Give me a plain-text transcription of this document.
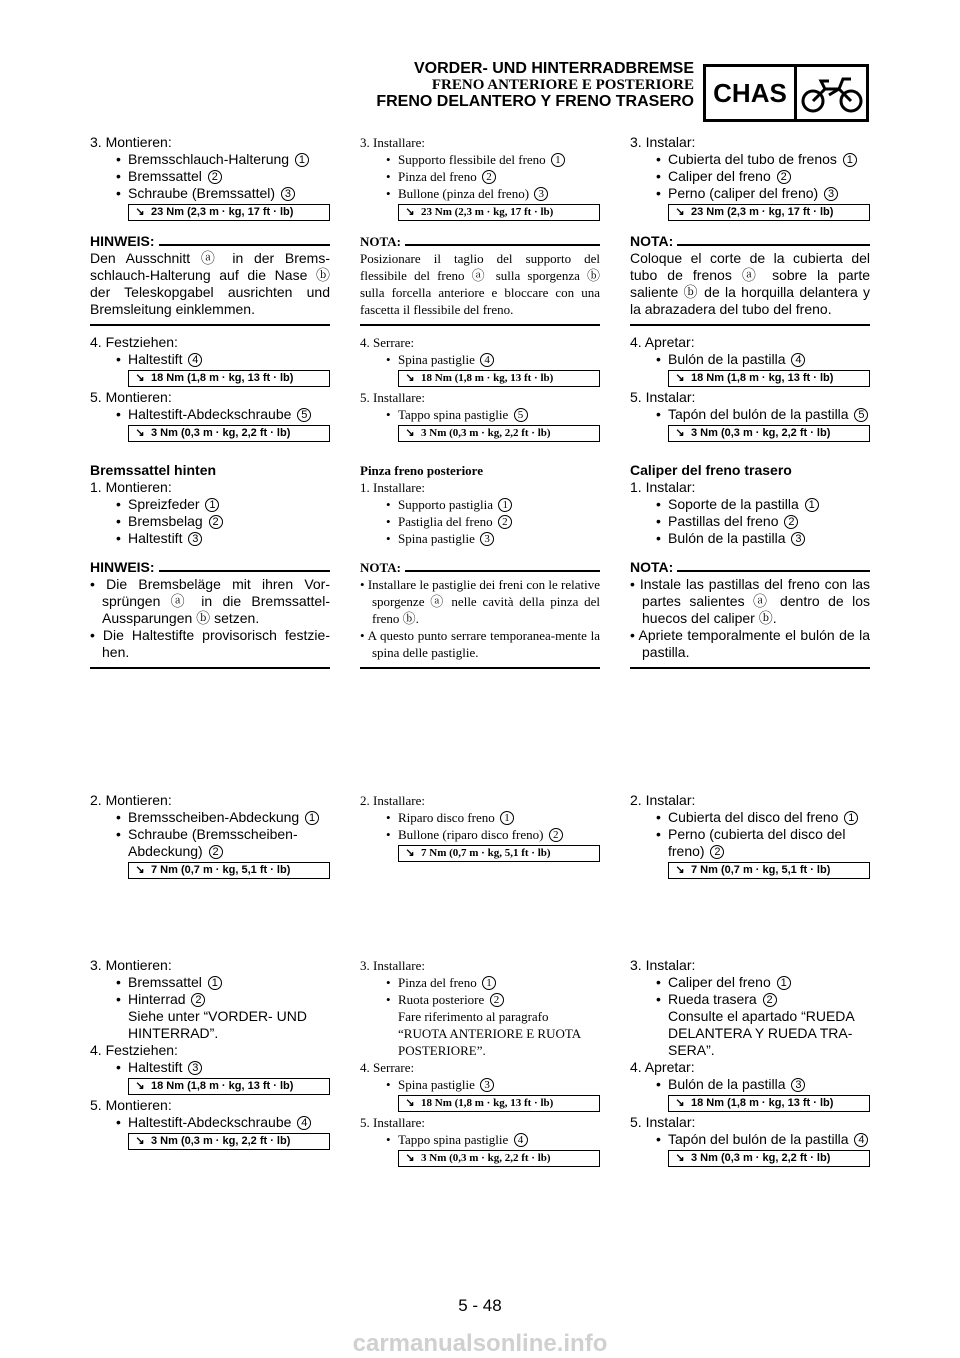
VORDER- UND HINTERRADBREMSE
FRENO ANTERIORE E POSTERIORE
FRENO DELANTERO Y FRENO TRASERO CHAS

3. Montieren:

• Bremsschlauch-Halterung 1

• Bremssattel 2

• Schraube (Bremssattel) 3

↘ 23 Nm (2,3 m · kg, 17 ft · lb)
HINWEIS:

Den Ausschnitt ⓐ in der Brems-schlauch-Halterung auf die Nase ⓑ der Teleskopgabel ausrichten und Bremsleitung einklemmen.

4. Festziehen:

• Haltestift 4

↘ 18 Nm (1,8 m · kg, 13 ft · lb)

5. Montieren:

• Haltestift-Abdeckschraube 5

↘ 3 Nm (0,3 m · kg, 2,2 ft · lb)

Bremssattel hinten

1. Montieren:

• Spreizfeder 1

• Bremsbelag 2

• Haltestift 3

HINWEIS:

• Die Bremsbeläge mit ihren Vor-sprüngen ⓐ in die Bremssattel-Aussparungen ⓑ setzen.

• Die Haltestifte provisorisch festzie-hen.

2. Montieren:

• Bremsscheiben-Abdeckung 1

• Schraube (Bremsscheiben-Abdeckung) 2

↘ 7 Nm (0,7 m · kg, 5,1 ft · lb)

3. Montieren:

• Bremssattel 1

• Hinterrad 2

Siehe unter “VORDER- UND HINTERRAD”.

4. Festziehen:

• Haltestift 3

↘ 18 Nm (1,8 m · kg, 13 ft · lb)

5. Montieren:

• Haltestift-Abdeckschraube 4

↘ 3 Nm (0,3 m · kg, 2,2 ft · lb)

3. Installare:

• Supporto flessibile del freno 1

• Pinza del freno 2

• Bullone (pinza del freno) 3

↘ 23 Nm (2,3 m · kg, 17 ft · lb)
NOTA:

Posizionare il taglio del supporto del flessibile del freno ⓐ sulla sporgenza ⓑ sulla forcella anteriore e bloccare con una fascetta il flessibile del freno.

4. Serrare:

• Spina pastiglie 4

↘ 18 Nm (1,8 m · kg, 13 ft · lb)

5. Installare:

• Tappo spina pastiglie 5

↘ 3 Nm (0,3 m · kg, 2,2 ft · lb)

Pinza freno posteriore

1. Installare:

• Supporto pastiglia 1

• Pastiglia del freno 2

• Spina pastiglie 3

NOTA:

• Installare le pastiglie dei freni con le relative sporgenze ⓐ nelle cavità della pinza del freno ⓑ.

• A questo punto serrare temporanea-mente la spina delle pastiglie.

2. Installare:

• Riparo disco freno 1

• Bullone (riparo disco freno) 2

↘ 7 Nm (0,7 m · kg, 5,1 ft · lb)

3. Installare:

• Pinza del freno 1

• Ruota posteriore 2

Fare riferimento al paragrafo “RUOTA ANTERIORE E RUOTA POSTERIORE”.

4. Serrare:

• Spina pastiglie 3

↘ 18 Nm (1,8 m · kg, 13 ft · lb)

5. Installare:

• Tappo spina pastiglie 4

↘ 3 Nm (0,3 m · kg, 2,2 ft · lb)

3. Instalar:

• Cubierta del tubo de frenos 1

• Caliper del freno 2

• Perno (caliper del freno) 3

↘ 23 Nm (2,3 m · kg, 17 ft · lb)
NOTA:

Coloque el corte de la cubierta del tubo de frenos ⓐ sobre la parte saliente ⓑ de la horquilla delantera y la abrazadera del tubo del freno.

4. Apretar:

• Bulón de la pastilla 4

↘ 18 Nm (1,8 m · kg, 13 ft · lb)

5. Instalar:

• Tapón del bulón de la pastilla 5

↘ 3 Nm (0,3 m · kg, 2,2 ft · lb)

Caliper del freno trasero

1. Instalar:

• Soporte de la pastilla 1

• Pastillas del freno 2

• Bulón de la pastilla 3

NOTA:

• Instale las pastillas del freno con las partes salientes ⓐ dentro de los huecos del caliper ⓑ.

• Apriete temporalmente el bulón de la pastilla.

2. Instalar:

• Cubierta del disco del freno 1

• Perno (cubierta del disco del freno) 2

↘ 7 Nm (0,7 m · kg, 5,1 ft · lb)

3. Instalar:

• Caliper del freno 1

• Rueda trasera 2

Consulte el apartado “RUEDA DELANTERA Y RUEDA TRA-SERA”.

4. Apretar:

• Bulón de la pastilla 3

↘ 18 Nm (1,8 m · kg, 13 ft · lb)

5. Instalar:

• Tapón del bulón de la pastilla 4

↘ 3 Nm (0,3 m · kg, 2,2 ft · lb)
5 - 48
carmanualsonline.info
